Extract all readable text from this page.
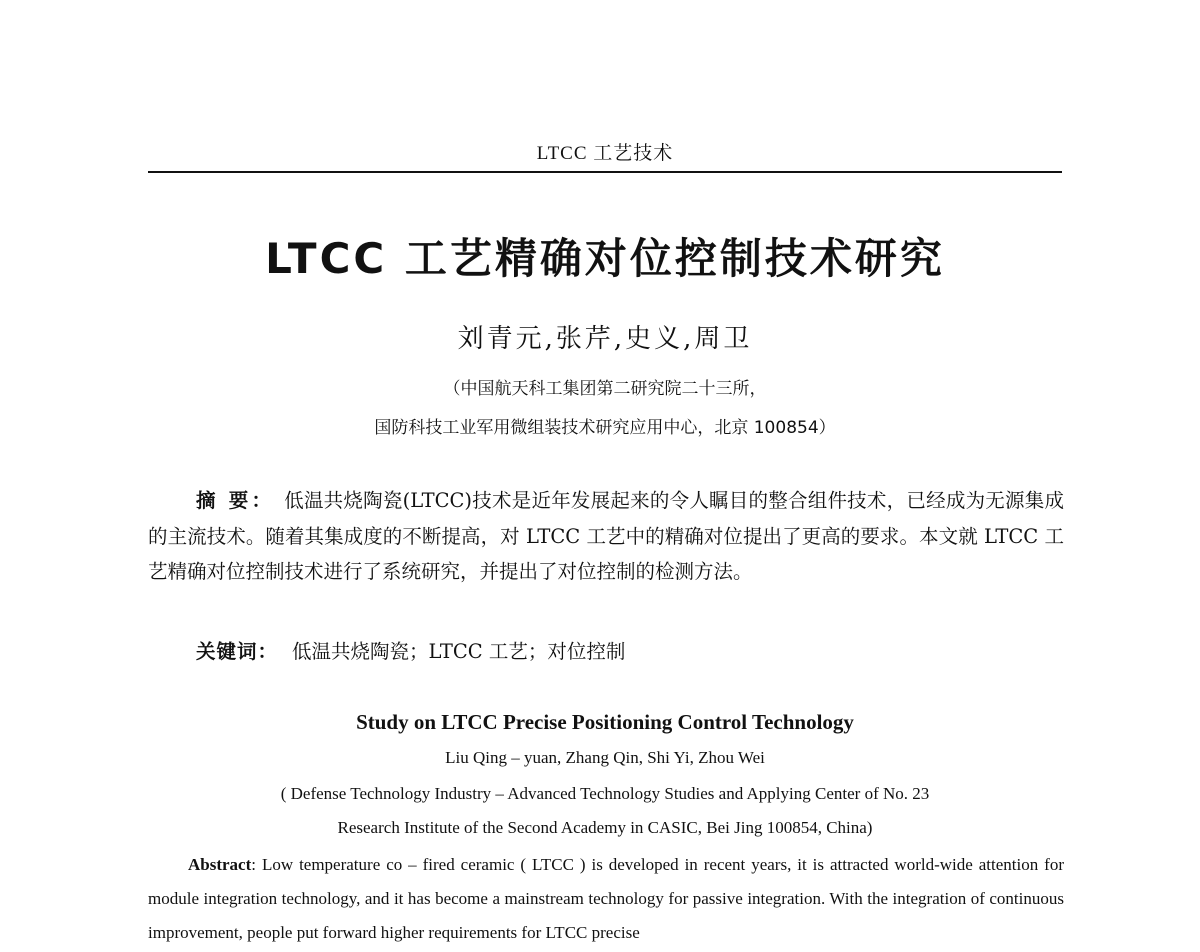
LTCC 工艺技术
LTCC 工艺精确对位控制技术研究
刘青元,张芹,史义,周卫
（中国航天科工集团第二研究院二十三所，
国防科技工业军用微组装技术研究应用中心，北京 100854）

摘 要： 低温共烧陶瓷(LTCC)技术是近年发展起来的令人瞩目的整合组件技术，已经成为无源集成的主流技术。随着其集成度的不断提高，对 LTCC 工艺中的精确对位提出了更高的要求。本文就 LTCC 工艺精确对位控制技术进行了系统研究，并提出了对位控制的检测方法。

关键词： 低温共烧陶瓷；LTCC 工艺；对位控制
Study on LTCC Precise Positioning Control Technology
Liu Qing – yuan, Zhang Qin, Shi Yi, Zhou Wei
( Defense Technology Industry – Advanced Technology Studies and Applying Center of No. 23
Research Institute of the Second Academy in CASIC, Bei Jing 100854, China)

Abstract: Low temperature co – fired ceramic ( LTCC ) is developed in recent years, it is attracted world-wide attention for module integration technology, and it has become a mainstream technology for passive integration. With the integration of continuous improvement, people put forward higher requirements for LTCC precise
